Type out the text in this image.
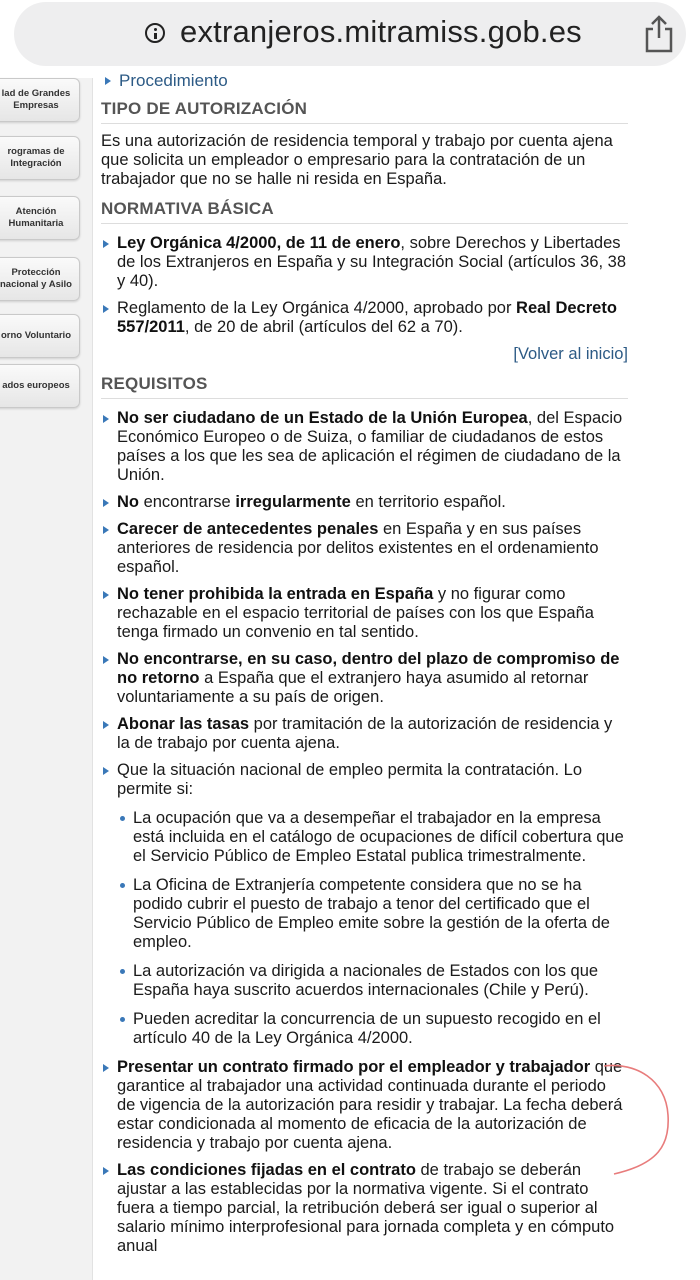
extranjeros.mitramiss.gob.es
lad de Grandes
Empresas
rogramas de
Integración
Atención
Humanitaria
Protección
nacional y Asilo
orno Voluntario
ados europeos

Procedimiento

TIPO DE AUTORIZACIÓN

Es una autorización de residencia temporal y trabajo por cuenta ajena que solicita un empleador o empresario para la contratación de un trabajador que no se halle ni resida en España.

NORMATIVA BÁSICA
Ley Orgánica 4/2000, de 11 de enero, sobre Derechos y Libertades de los Extranjeros en España y su Integración Social (artículos 36, 38 y 40).
Reglamento de la Ley Orgánica 4/2000, aprobado por Real Decreto 557/2011, de 20 de abril (artículos del 62 a 70).
[Volver al inicio]
REQUISITOS
No ser ciudadano de un Estado de la Unión Europea, del Espacio Económico Europeo o de Suiza, o familiar de ciudadanos de estos países a los que les sea de aplicación el régimen de ciudadano de la Unión.
No encontrarse irregularmente en territorio español.
Carecer de antecedentes penales en España y en sus países anteriores de residencia por delitos existentes en el ordenamiento español.
No tener prohibida la entrada en España y no figurar como rechazable en el espacio territorial de países con los que España tenga firmado un convenio en tal sentido.
No encontrarse, en su caso, dentro del plazo de compromiso de no retorno a España que el extranjero haya asumido al retornar voluntariamente a su país de origen.
Abonar las tasas por tramitación de la autorización de residencia y la de trabajo por cuenta ajena.
Que la situación nacional de empleo permita la contratación. Lo permite si:
La ocupación que va a desempeñar el trabajador en la empresa está incluida en el catálogo de ocupaciones de difícil cobertura que el Servicio Público de Empleo Estatal publica trimestralmente.
La Oficina de Extranjería competente considera que no se ha podido cubrir el puesto de trabajo a tenor del certificado que el Servicio Público de Empleo emite sobre la gestión de la oferta de empleo.
La autorización va dirigida a nacionales de Estados con los que España haya suscrito acuerdos internacionales (Chile y Perú).
Pueden acreditar la concurrencia de un supuesto recogido en el artículo 40 de la Ley Orgánica 4/2000.
Presentar un contrato firmado por el empleador y trabajador que garantice al trabajador una actividad continuada durante el periodo de vigencia de la autorización para residir y trabajar. La fecha deberá estar condicionada al momento de eficacia de la autorización de residencia y trabajo por cuenta ajena.
Las condiciones fijadas en el contrato de trabajo se deberán ajustar a las establecidas por la normativa vigente. Si el contrato fuera a tiempo parcial, la retribución deberá ser igual o superior al salario mínimo interprofesional para jornada completa y en cómputo anual
